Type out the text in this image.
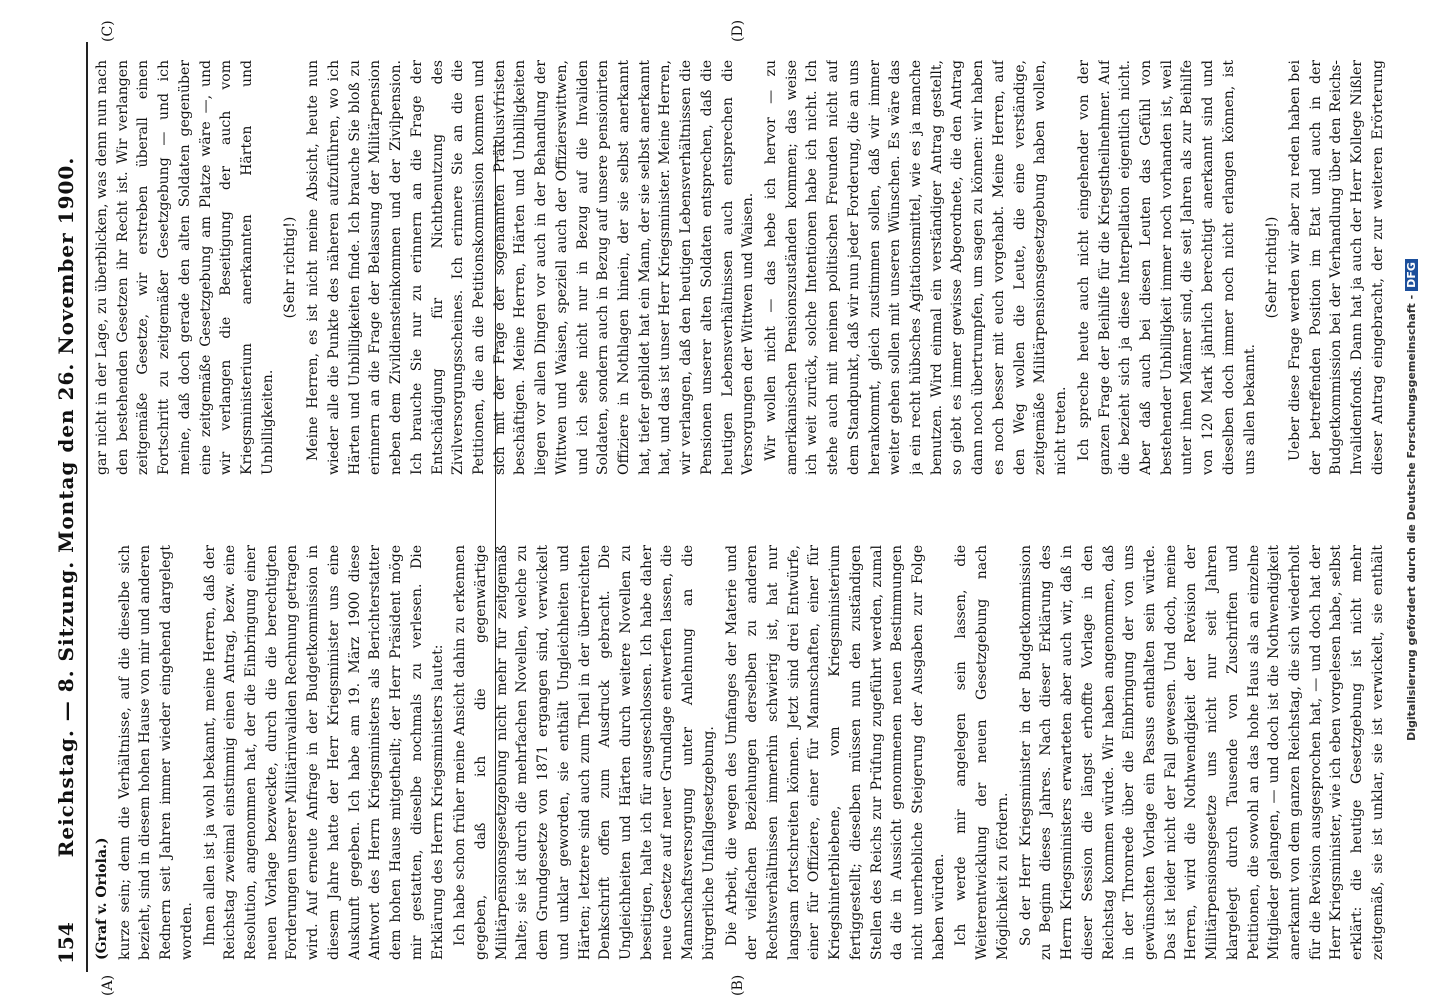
154
Reichstag. — 8. Sitzung. Montag den 26. November 1900.
(A)	(B)
(C)	(D)

(Graf v. Oriola.) kurze sein; denn die Verhältnisse, auf die dieselbe sich bezieht, sind in diesem hohen Hause von mir und anderen Rednern seit Jahren immer wieder eingehend dargelegt worden. Ihnen allen ist ja wohl bekannt, meine Herren, daß der Reichstag zweimal einstimmig einen Antrag, bezw. eine Resolution, angenommen hat, der die Einbringung einer neuen Vorlage bezweckte, durch die die berechtigten Forderungen unserer Militärinvaliden Rechnung getragen wird. Auf erneute Anfrage in der Budgetkommission in diesem Jahre hatte der Herr Kriegsminister uns eine Auskunft gegeben. Ich habe am 19. März 1900 diese Antwort des Herrn Kriegsministers als Berichterstatter dem hohen Hause mitgetheilt; der Herr Präsident möge mir gestatten, dieselbe nochmals zu verlesen. Die Erklärung des Herrn Kriegsministers lautet: Ich habe schon früher meine Ansicht dahin zu erkennen gegeben, daß ich die gegenwärtige Militärpensionsgesetzgebung nicht mehr für zeitgemäß halte; sie ist durch die mehrfachen Novellen, welche zu dem Grundgesetze von 1871 ergangen sind, verwickelt und unklar geworden, sie enthält Ungleichheiten und Härten; letztere sind auch zum Theil in der überreichten Denkschrift offen zum Ausdruck gebracht. Die Ungleichheiten und Härten durch weitere Novellen zu beseitigen, halte ich für ausgeschlossen. Ich habe daher neue Gesetze auf neuer Grundlage entwerfen lassen, die Mannschaftsversorgung unter Anlehnung an die bürgerliche Unfallgesetzgebung. Die Arbeit, die wegen des Umfanges der Materie und der vielfachen Beziehungen derselben zu anderen Rechtsverhältnissen immerhin schwierig ist, hat nur langsam fortschreiten können. Jetzt sind drei Entwürfe, einer für Offiziere, einer für Mannschaften, einer für Kriegshinterbliebene, vom Kriegsministerium fertiggestellt; dieselben müssen nun den zuständigen Stellen des Reichs zur Prüfung zugeführt werden, zumal da die in Aussicht genommenen neuen Bestimmungen nicht unerhebliche Steigerung der Ausgaben zur Folge haben würden. Ich werde mir angelegen sein lassen, die Weiterentwicklung der neuen Gesetzgebung nach Möglichkeit zu fördern. So der Herr Kriegsminister in der Budgetkommission zu Beginn dieses Jahres. Nach dieser Erklärung des Herrn Kriegsministers erwarteten aber auch wir, daß in dieser Session die längst erhoffte Vorlage in den Reichstag kommen würde. Wir haben angenommen, daß in der Thronrede über die Einbringung der von uns gewünschten Vorlage ein Passus enthalten sein würde. Das ist leider nicht der Fall gewesen. Und doch, meine Herren, wird die Nothwendigkeit der Revision der Militärpensionsgesetze uns nicht nur seit Jahren klargelegt durch Tausende von Zuschriften und Petitionen, die sowohl an das hohe Haus als an einzelne Mitglieder gelangen, — und doch ist die Nothwendigkeit anerkannt von dem ganzen Reichstag, die sich wiederholt für die Revision ausgesprochen hat, — und doch hat der Herr Kriegsminister, wie ich eben vorgelesen habe, selbst erklärt: die heutige Gesetzgebung ist nicht mehr zeitgemäß, sie ist unklar, sie ist verwickelt, sie enthält

gar nicht in der Lage, zu überblicken, was denn nun nach den bestehenden Gesetzen ihr Recht ist. Wir verlangen zeitgemäße Gesetze, wir erstreben überall einen Fortschritt zu zeitgemäßer Gesetzgebung — und ich meine, daß doch gerade den alten Soldaten gegenüber eine zeitgemäße Gesetzgebung am Platze wäre —, und wir verlangen die Beseitigung der auch vom Kriegsministerium anerkannten Härten und Unbilligkeiten.

(Sehr richtig!) Meine Herren, es ist nicht meine Absicht, heute nun wieder alle die Punkte des näheren aufzuführen, wo ich Härten und Unbilligkeiten finde. Ich brauche Sie bloß zu erinnern an die Frage der Belassung der Militärpension neben dem Zivildiensteinkommen und der Zivilpension. Ich brauche Sie nur zu erinnern an die Frage der Entschädigung für Nichtbenutzung des Zivilversorgungsscheines. Ich erinnere Sie an die die Petitionen, die an die Petitionskommission kommen und sich mit der Frage der sogenannten Präklusivfristen beschäftigen. Meine Herren, Härten und Unbilligkeiten liegen vor allen Dingen vor auch in der Behandlung der Wittwen und Waisen, speziell auch der Offizierswittwen, und ich sehe nicht nur in Bezug auf die Invaliden Soldaten, sondern auch in Bezug auf unsere pensionirten Offiziere in Nothlagen hinein, der sie selbst anerkannt hat, tiefer gebildet hat ein Mann, der sie selbst anerkannt hat, und das ist unser Herr Kriegsminister. Meine Herren, wir verlangen, daß den heutigen Lebensverhältnissen die Pensionen unserer alten Soldaten entsprechen, daß die heutigen Lebensverhältnissen auch entsprechen die Versorgungen der Wittwen und Waisen. Wir wollen nicht — das hebe ich hervor — zu amerikanischen Pensionszuständen kommen; das weise ich weit zurück, solche Intentionen habe ich nicht. Ich stehe auch mit meinen politischen Freunden nicht auf dem Standpunkt, daß wir nun jeder Forderung, die an uns herankommt, gleich zustimmen sollen, daß wir immer weiter gehen sollen mit unseren Wünschen. Es wäre das ja ein recht hübsches Agitationsmittel, wie es ja manche benutzen. Wird einmal ein verständiger Antrag gestellt, so giebt es immer gewisse Abgeordnete, die den Antrag dann noch übertrumpfen, um sagen zu können: wir haben es noch besser mit euch vorgehabt. Meine Herren, auf den Weg wollen die Leute, die eine verständige, zeitgemäße Militärpensionsgesetzgebung haben wollen, nicht treten. Ich spreche heute auch nicht eingehender von der ganzen Frage der Beihilfe für die Kriegstheilnehmer. Auf die bezieht sich ja diese Interpellation eigentlich nicht. Aber daß auch bei diesen Leuten das Gefühl von bestehender Unbilligkeit immer noch vorhanden ist, weil unter ihnen Männer sind, die seit Jahren als zur Beihilfe von 120 Mark jährlich berechtigt anerkannt sind und dieselben doch immer noch nicht erlangen können, ist uns allen bekannt.

(Sehr richtig!)

Ueber diese Frage werden wir aber zu reden haben bei der betreffenden Position im Etat und auch in der Budgetkommission bei der Verhandlung über den Reichs-Invalidenfonds. Dann hat ja auch der Herr Kollege Nißler dieser Antrag eingebracht, der zur weiteren Erörterung

Digitalisierung gefördert durch die Deutsche Forschungsgemeinschaft -DFG
